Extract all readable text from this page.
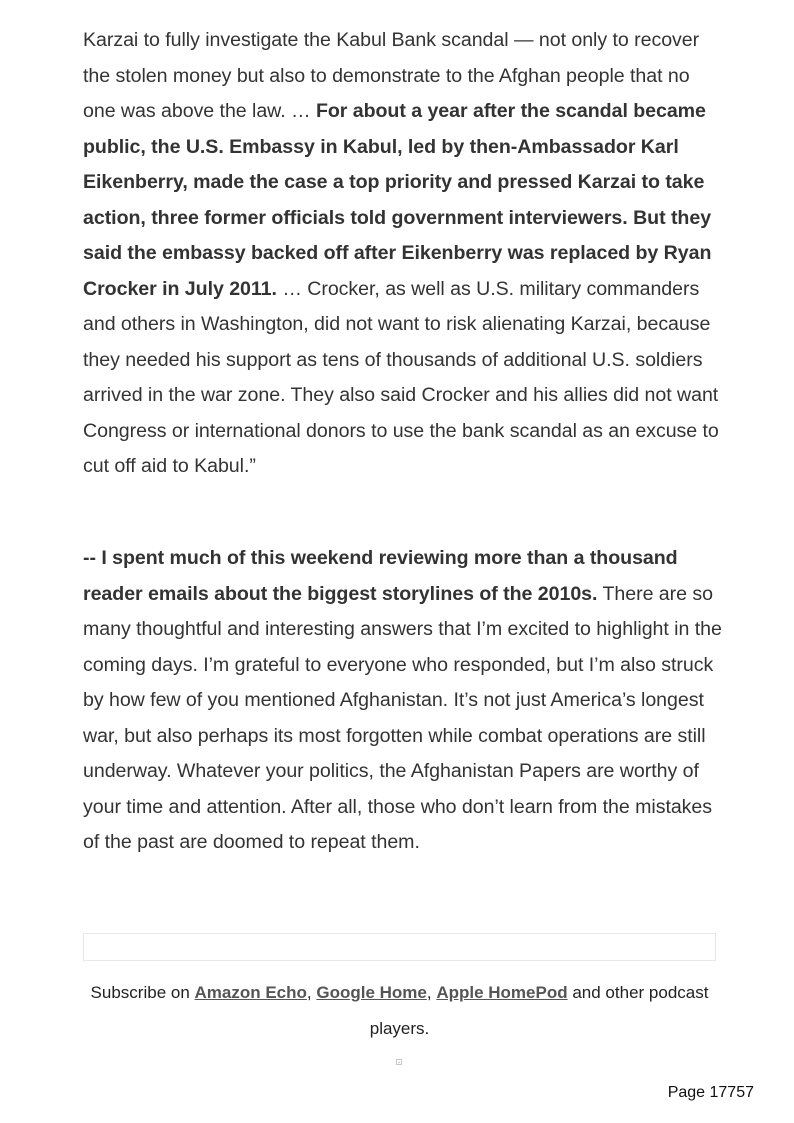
Karzai to fully investigate the Kabul Bank scandal — not only to recover the stolen money but also to demonstrate to the Afghan people that no one was above the law. … For about a year after the scandal became public, the U.S. Embassy in Kabul, led by then-Ambassador Karl Eikenberry, made the case a top priority and pressed Karzai to take action, three former officials told government interviewers. But they said the embassy backed off after Eikenberry was replaced by Ryan Crocker in July 2011. … Crocker, as well as U.S. military commanders and others in Washington, did not want to risk alienating Karzai, because they needed his support as tens of thousands of additional U.S. soldiers arrived in the war zone. They also said Crocker and his allies did not want Congress or international donors to use the bank scandal as an excuse to cut off aid to Kabul.”

-- I spent much of this weekend reviewing more than a thousand reader emails about the biggest storylines of the 2010s. There are so many thoughtful and interesting answers that I’m excited to highlight in the coming days. I’m grateful to everyone who responded, but I’m also struck by how few of you mentioned Afghanistan. It’s not just America’s longest war, but also perhaps its most forgotten while combat operations are still underway. Whatever your politics, the Afghanistan Papers are worthy of your time and attention. After all, those who don’t learn from the mistakes of the past are doomed to repeat them.

Subscribe on Amazon Echo, Google Home, Apple HomePod and other podcast players.
Page 17757
